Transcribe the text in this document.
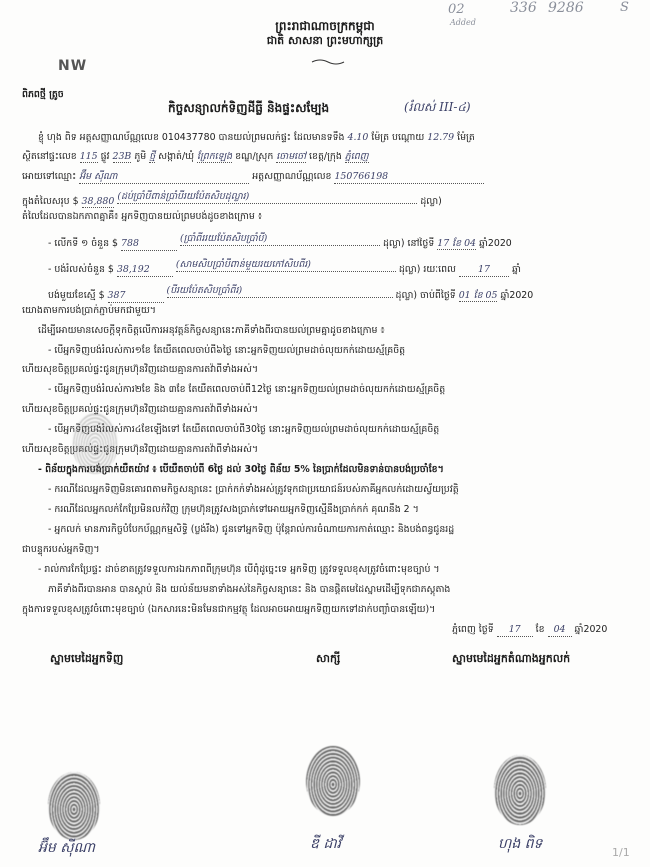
02	336 9286	S
Added
ព្រះរាជាណាចក្រកម្ពុជា
ជាតិ សាសនា ព្រះមហាក្សត្រ
NW
ពិភពថ្មី ត្រូច
កិច្ចសន្យាលក់ទិញដីធ្លី និងផ្ទះសម្បែង	(រំលស់ III-៤)
ខ្ញុំ ហុង ពិទ អត្តសញ្ញាណប័ណ្ណលេខ 010437780 បានយល់ព្រមលក់ផ្ទះ ដែលមានទទឹង 4.10 ម៉ែត្រ បណ្តោយ 12.79 ម៉ែត្រ
ស្ថិតនៅផ្ទះលេខ 115 ផ្លូវ 23B ភូមិ ថ្មី សង្កាត់/ឃុំ ព្រែកឡេង ខណ្ឌ/ស្រុក ចោមចៅ ខេត្ត/ក្រុង ភ្នំពេញ
អោយទៅឈ្មោះ អ៊ឹម ស៊ីណា	អត្តសញ្ញាណប័ណ្ណលេខ 150766198
ក្នុងតំលៃសរុប $ 38,880 (ដប់ប្រាំបីពាន់ប្រាំបីរយប៉ែតសិបដុល្លារ)	ដុល្លា)
តំលៃដែលបានឯកភាពគ្នាគឺ៖ អ្នកទិញបានយល់ព្រមបង់ដូចខាងក្រោម ៖
- លើកទី ១ ចំនួន $ 788	(ប្រាំពីររយប៉ែតសិបប្រាំបី)	ដុល្លា) នៅថ្ងៃទី 17 ខែ 04 ឆ្នាំ2020
- បង់រំលស់ចំនួន $ 38,192	(សាមសិបប្រាំបីពាន់មួយរយកៅសិបពីរ)	ដុល្លា) រយៈពេល 17 ឆ្នាំ
បង់មួយខែស្មើ $ 387	(បីរយប៉ែតសិបប្រាំពីរ)	ដុល្លា) ចាប់ពីថ្ងៃទី 01 ខែ 05 ឆ្នាំ2020
យោងតាមការបង់ប្រាក់ភ្ជាប់មកជាមួយ។
ដើម្បីអោយមានសេចក្តីទុកចិត្តលើការអនុវត្តន៍កិច្ចសន្យានេះភាគីទាំងពីរបានយល់ព្រមគ្នាដូចខាងក្រោម ៖
- បើអ្នកទិញបង់រំលស់ការ១ខែ តែយឺតពេលចាប់ពី៦ថ្ងៃ នោះអ្នកទិញយល់ព្រមដាច់លុយកក់ដោយស្ម័គ្រចិត្ត
ហើយសុខចិត្តប្រគល់ផ្ទះជូនក្រុមហ៊ុនវិញដោយគ្មានការតវ៉ាពីទាំងអស់។
- បើអ្នកទិញបង់រំលស់ការ២ខែ និង ៣ខែ តែយឺតពេលចាប់ពី12ថ្ងៃ នោះអ្នកទិញយល់ព្រមដាច់លុយកក់ដោយស្ម័គ្រចិត្ត
ហើយសុខចិត្តប្រគល់ផ្ទះជូនក្រុមហ៊ុនវិញដោយគ្មានការតវ៉ាពីទាំងអស់។
- បើអ្នកទិញបង់រំលស់ការ៤ខែឡើងទៅ តែយឺតពេលចាប់ពី30ថ្ងៃ នោះអ្នកទិញយល់ព្រមដាច់លុយកក់ដោយស្ម័គ្រចិត្ត
ហើយសុខចិត្តប្រគល់ផ្ទះជូនក្រុមហ៊ុនវិញដោយគ្មានការតវ៉ាពីទាំងអស់។
- ពិន័យក្នុងការបង់ប្រាក់យឺតយ៉ាវ ៖ បើយឺតចាប់ពី 6ថ្ងៃ ដល់ 30ថ្ងៃ ពិន័យ 5% នៃប្រាក់ដែលមិនទាន់បានបង់ប្រចាំខែ។
- ករណីដែលអ្នកទិញមិនគោរពតាមកិច្ចសន្យានេះ ប្រាក់កក់ទាំងអស់ត្រូវទុកជាប្រយោជន៍របស់ភាគីអ្នកលក់ដោយស្វ័យប្រវត្តិ
- ករណីដែលអ្នកលក់កែប្រែមិនលក់វិញ ក្រុមហ៊ុនត្រូវសងប្រាក់ទៅអោយអ្នកទិញស្មើនឹងប្រាក់កក់ គុណនឹង 2 ។
- អ្នកលក់ មានភារកិច្ចបំបែកប័ណ្ណកម្មសិទ្ធិ (ប្លង់រឹង) ជូនទៅអ្នកទិញ ប៉ុន្តែរាល់ការចំណាយការកាត់ឈ្មោះ និងបង់ពន្ធជូនរដ្ឋ
ជាបន្ទុករបស់អ្នកទិញ។
- រាល់ការកែប្រែផ្ទះ ដាច់ខាតត្រូវទទួលការឯកភាពពីក្រុមហ៊ុន បើពុំដូច្នេះទេ អ្នកទិញ ត្រូវទទួលខុសត្រូវចំពោះមុខច្បាប់ ។
ភាគីទាំងពីរបានអាន បានស្តាប់ និង យល់ន័យមនាទាំងអស់នៃកិច្ចសន្យានេះ និង បានផ្តិតមេដៃស្នាមដើម្បីទុកជាភស្តុតាង
ក្នុងការទទួលខុសត្រូវចំពោះមុខច្បាប់ (ឯកសារនេះមិនមែនជាកម្មវត្ថុ ដែលអាចអោយអ្នកទិញយកទៅដាក់បញ្ចាំបានឡើយ)។
ភ្នំពេញ ថ្ងៃទី 17 ខែ 04 ឆ្នាំ2020
ស្នាមមេដៃអ្នកទិញ	សាក្សី	ស្នាមមេដៃអ្នកតំណាងអ្នកលក់
អ៊ឹម ស៊ីណា	ឌី ដាវី	ហុង ពិទ
1/1
